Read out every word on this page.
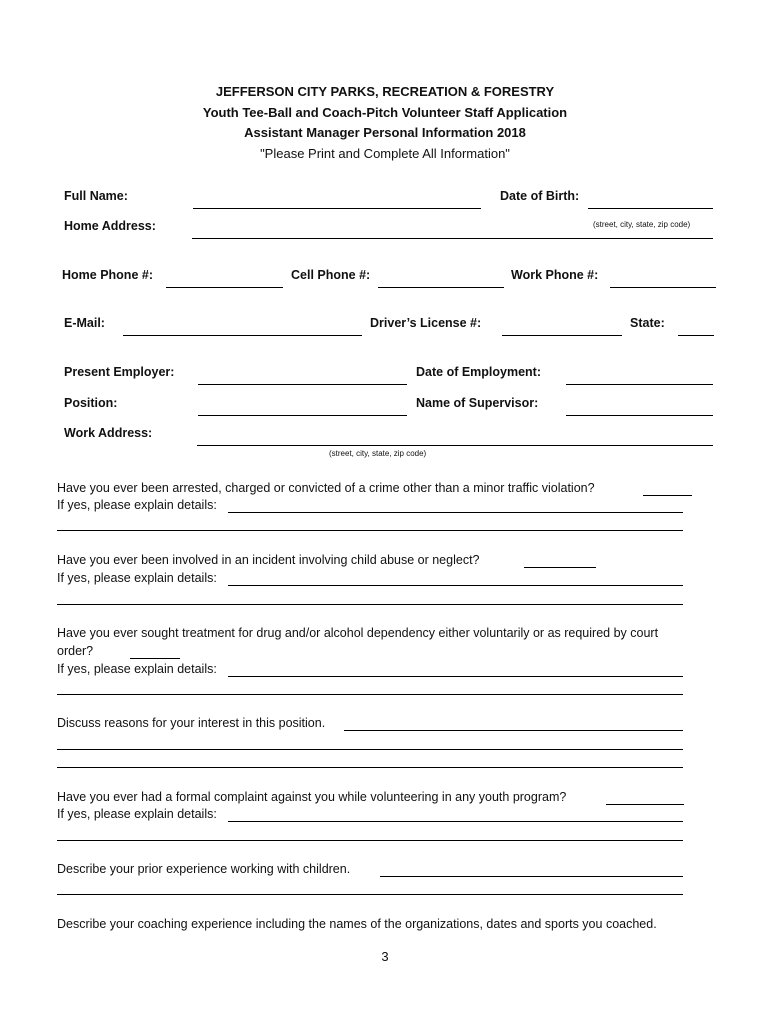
JEFFERSON CITY PARKS, RECREATION & FORESTRY
Youth Tee-Ball and Coach-Pitch Volunteer Staff Application
Assistant Manager Personal Information 2018
"Please Print and Complete All Information"
Full Name:	Date of Birth:
Home Address:	(street, city, state, zip code)
Home Phone #:	Cell Phone #:	Work Phone #:
E-Mail:	Driver’s License #:	State:
Present Employer:	Date of Employment:
Position:	Name of Supervisor:
Work Address:
(street, city, state, zip code)
Have you ever been arrested, charged or convicted of a crime other than a minor traffic violation?
If yes, please explain details:
Have you ever been involved in an incident involving child abuse or neglect?
If yes, please explain details:
Have you ever sought treatment for drug and/or alcohol dependency either voluntarily or as required by court
order?
If yes, please explain details:
Discuss reasons for your interest in this position.
Have you ever had a formal complaint against you while volunteering in any youth program?
If yes, please explain details:
Describe your prior experience working with children.
Describe your coaching experience including the names of the organizations, dates and sports you coached.
3
